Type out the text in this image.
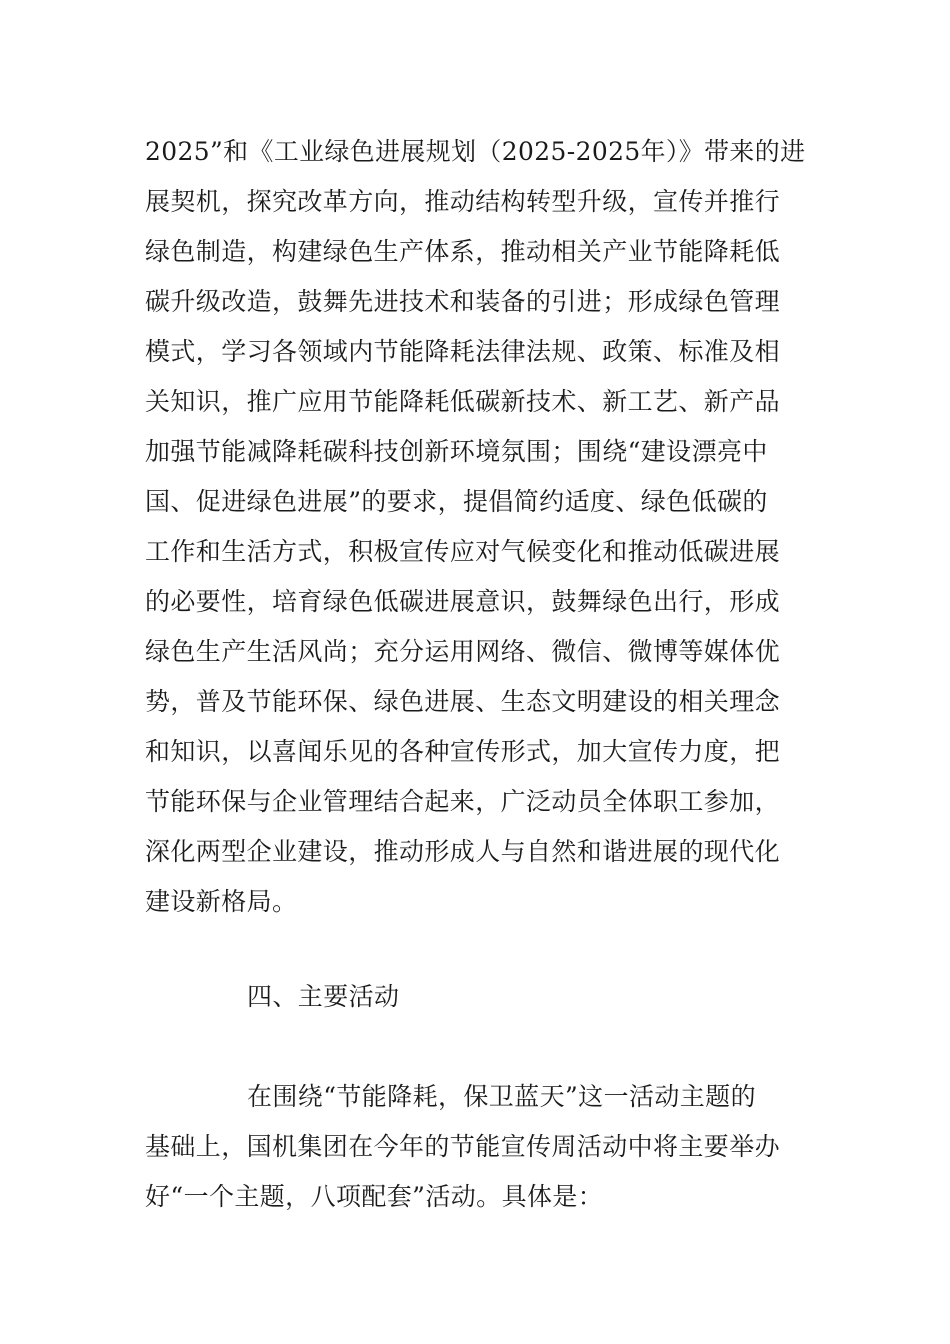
2025”和《工业绿色进展规划（2025-2025年）》带来的进
展契机，探究改革方向，推动结构转型升级，宣传并推行
绿色制造，构建绿色生产体系，推动相关产业节能降耗低
碳升级改造，鼓舞先进技术和装备的引进；形成绿色管理
模式，学习各领域内节能降耗法律法规、政策、标准及相
关知识，推广应用节能降耗低碳新技术、新工艺、新产品
加强节能减降耗碳科技创新环境氛围；围绕“建设漂亮中
国、促进绿色进展”的要求，提倡简约适度、绿色低碳的
工作和生活方式，积极宣传应对气候变化和推动低碳进展
的必要性，培育绿色低碳进展意识，鼓舞绿色出行，形成
绿色生产生活风尚；充分运用网络、微信、微博等媒体优
势，普及节能环保、绿色进展、生态文明建设的相关理念
和知识，以喜闻乐见的各种宣传形式，加大宣传力度，把
节能环保与企业管理结合起来，广泛动员全体职工参加，
深化两型企业建设，推动形成人与自然和谐进展的现代化
建设新格局。
四、主要活动
在围绕“节能降耗，保卫蓝天”这一活动主题的
基础上，国机集团在今年的节能宣传周活动中将主要举办
好“一个主题，八项配套”活动。具体是：
